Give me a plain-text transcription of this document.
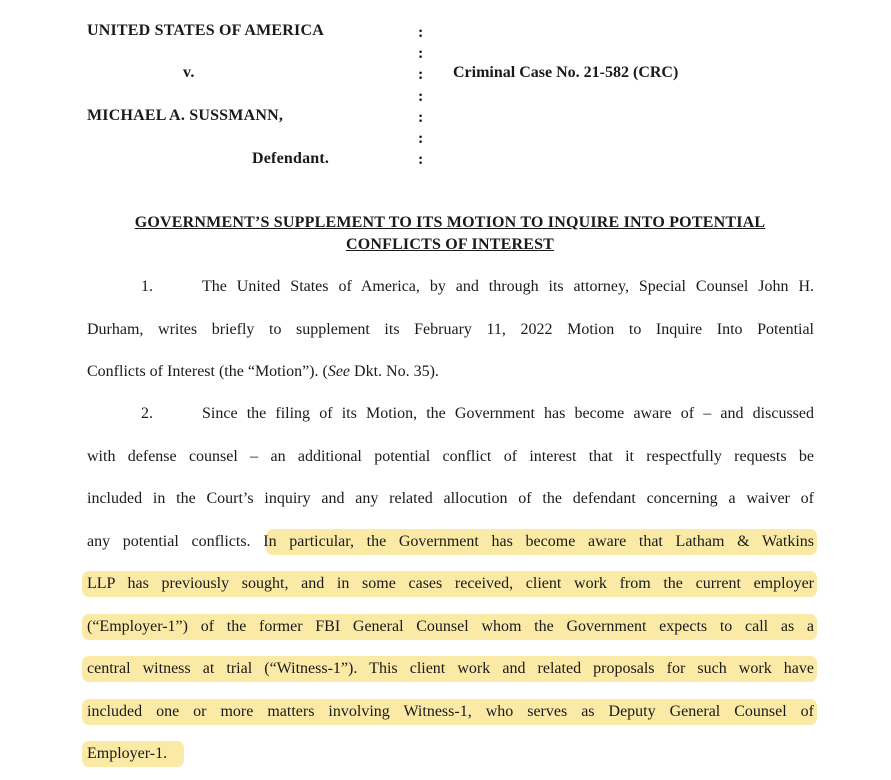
UNITED STATES OF AMERICA
v.
MICHAEL A. SUSSMANN,
Defendant.
:
:
:
:
:
:
:
Criminal Case No. 21-582 (CRC)
GOVERNMENT’S SUPPLEMENT TO ITS MOTION TO INQUIRE INTO POTENTIAL
CONFLICTS OF INTEREST
1.	The United States of America, by and through its attorney, Special Counsel John H.
Durham, writes briefly to supplement its February 11, 2022 Motion to Inquire Into Potential
Conflicts of Interest (the “Motion”). (See Dkt. No. 35).
2.	Since the filing of its Motion, the Government has become aware of – and discussed
with defense counsel – an additional potential conflict of interest that it respectfully requests be
included in the Court’s inquiry and any related allocution of the defendant concerning a waiver of
any potential conflicts. In particular, the Government has become aware that Latham & Watkins
LLP has previously sought, and in some cases received, client work from the current employer
(“Employer-1”) of the former FBI General Counsel whom the Government expects to call as a
central witness at trial (“Witness-1”). This client work and related proposals for such work have
included one or more matters involving Witness-1, who serves as Deputy General Counsel of
Employer-1.
